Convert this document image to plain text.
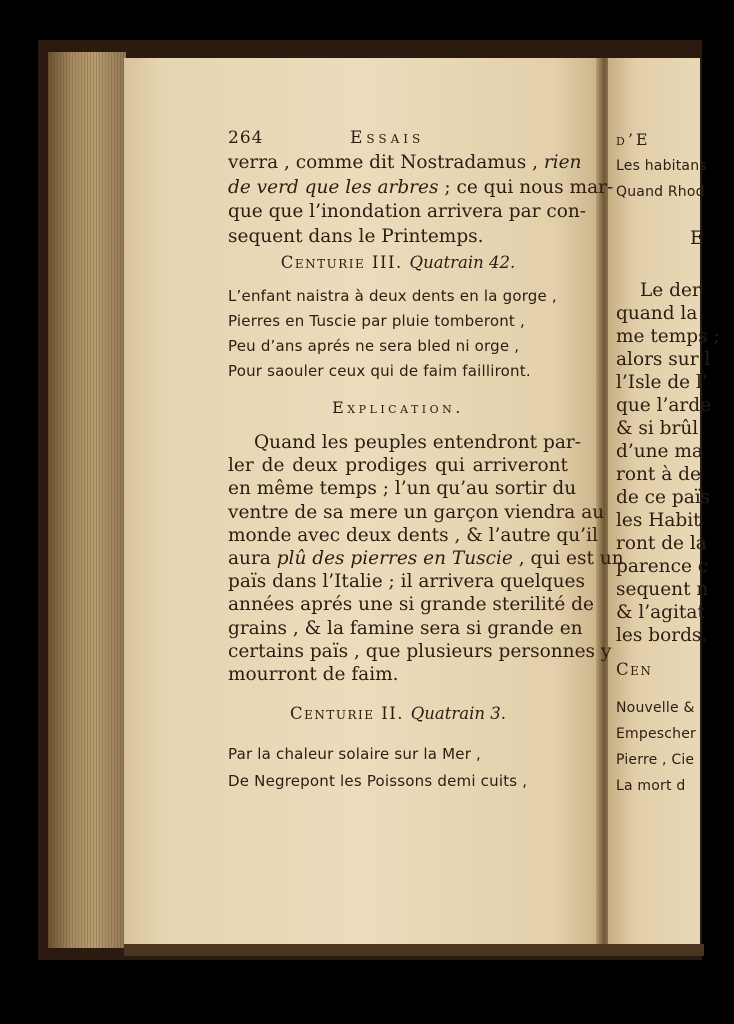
264	Essais
verra , comme dit Nostradamus , rien
de verd que les arbres ; ce qui nous mar-
que que l’inondation arrivera par con-
sequent dans le Printemps.
Centurie III. Quatrain 42.
L’enfant naistra à deux dents en la gorge ,
Pierres en Tuscie par pluie tomberont ,
Peu d’ans aprés ne sera bled ni orge ,
Pour saouler ceux qui de faim failliront.
Explication.
Quand les peuples entendront par-
ler de deux prodiges qui arriveront
en même temps ; l’un qu’au sortir du
ventre de sa mere un garçon viendra au
monde avec deux dents , & l’autre qu’il
aura plû des pierres en Tuscie , qui est un
païs dans l’Italie ; il arrivera quelques
années aprés une si grande sterilité de
grains , & la famine sera si grande en
certains païs , que plusieurs personnes y
mourront de faim.
Centurie II. Quatrain 3.
Par la chaleur solaire sur la Mer ,
De Negrepont les Poissons demi cuits ,
d’E
Les habitans
Quand Rhod
E
Le der
quand la
me temps ;
alors sur l
l’Isle de l’
que l’arde
& si brûl
d’une ma
ront à de
de ce païs
les Habit
ront de la
parence c
sequent n
& l’agitat
les bords.
Cen
Nouvelle &
Empescher
Pierre , Cie
La mort d
